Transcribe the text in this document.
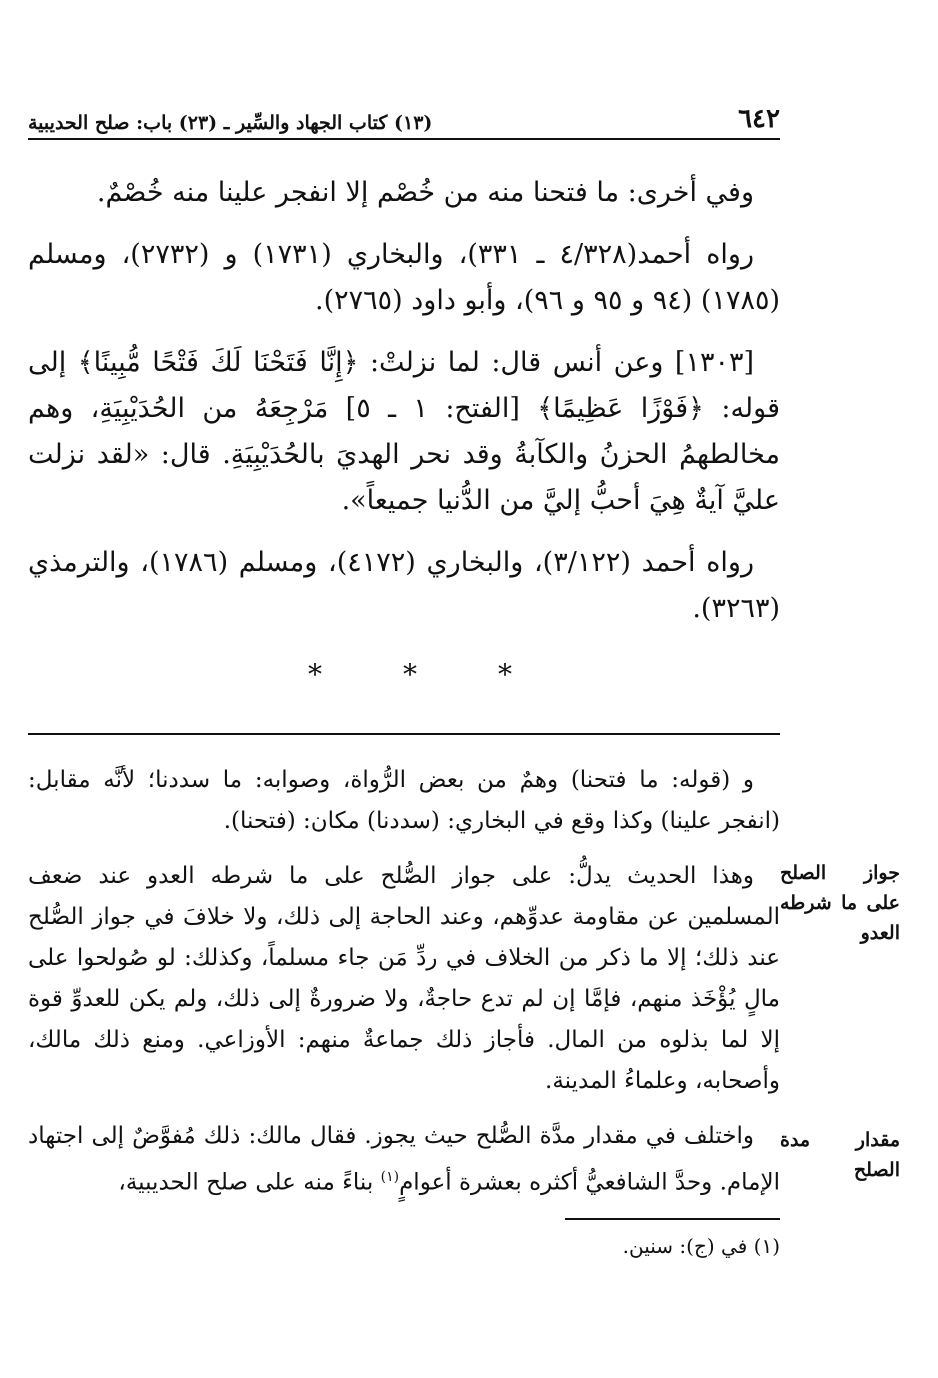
٦٤٢
(١٣) كتاب الجهاد والسِّير ـ (٢٣) باب: صلح الحديبية

وفي أخرى: ما فتحنا منه من خُصْم إلا انفجر علينا منه خُصْمٌ.

رواه أحمد(٤/٣٢٨ ـ ٣٣١)، والبخاري (١٧٣١) و (٢٧٣٢)، ومسلم (١٧٨٥) (٩٤ و ٩٥ و ٩٦)، وأبو داود (٢٧٦٥).

[١٣٠٣] وعن أنس قال: لما نزلتْ: ﴿إِنَّا فَتَحْنَا لَكَ فَتْحًا مُّبِينًا﴾ إلى قوله: ﴿فَوْزًا عَظِيمًا﴾ [الفتح: ١ ـ ٥] مَرْجِعَهُ من الحُدَيْبِيَةِ، وهم مخالطهمُ الحزنُ والكآبةُ وقد نحر الهديَ بالحُدَيْبِيَةِ. قال: «لقد نزلت عليَّ آيةٌ هِيَ أحبُّ إليَّ من الدُّنيا جميعاً».

رواه أحمد (٣/١٢٢)، والبخاري (٤١٧٢)، ومسلم (١٧٨٦)، والترمذي (٣٢٦٣).

*
*
*

و (قوله: ما فتحنا) وهمٌ من بعض الرُّواة، وصوابه: ما سددنا؛ لأنَّه مقابل: (انفجر علينا) وكذا وقع في البخاري: (سددنا) مكان: (فتحنا).

وهذا الحديث يدلُّ: على جواز الصُّلح على ما شرطه العدو عند ضعف المسلمين عن مقاومة عدوِّهم، وعند الحاجة إلى ذلك، ولا خلافَ في جواز الصُّلح عند ذلك؛ إلا ما ذكر من الخلاف في ردِّ مَن جاء مسلماً، وكذلك: لو صُولحوا على مالٍ يُؤْخَذ منهم، فإمَّا إن لم تدع حاجةٌ، ولا ضرورةٌ إلى ذلك، ولم يكن للعدوِّ قوة إلا لما بذلوه من المال. فأجاز ذلك جماعةٌ منهم: الأوزاعي. ومنع ذلك مالك، وأصحابه، وعلماءُ المدينة.

واختلف في مقدار مدَّة الصُّلح حيث يجوز. فقال مالك: ذلك مُفوَّضٌ إلى اجتهاد الإمام. وحدَّ الشافعيُّ أكثره بعشرة أعوامٍ$^{(١)}$ بناءً منه على صلح الحديبية،

جواز الصلح على ما شرطه العدو
مقدار مدة الصلح
(١) في (ج): سنين.
